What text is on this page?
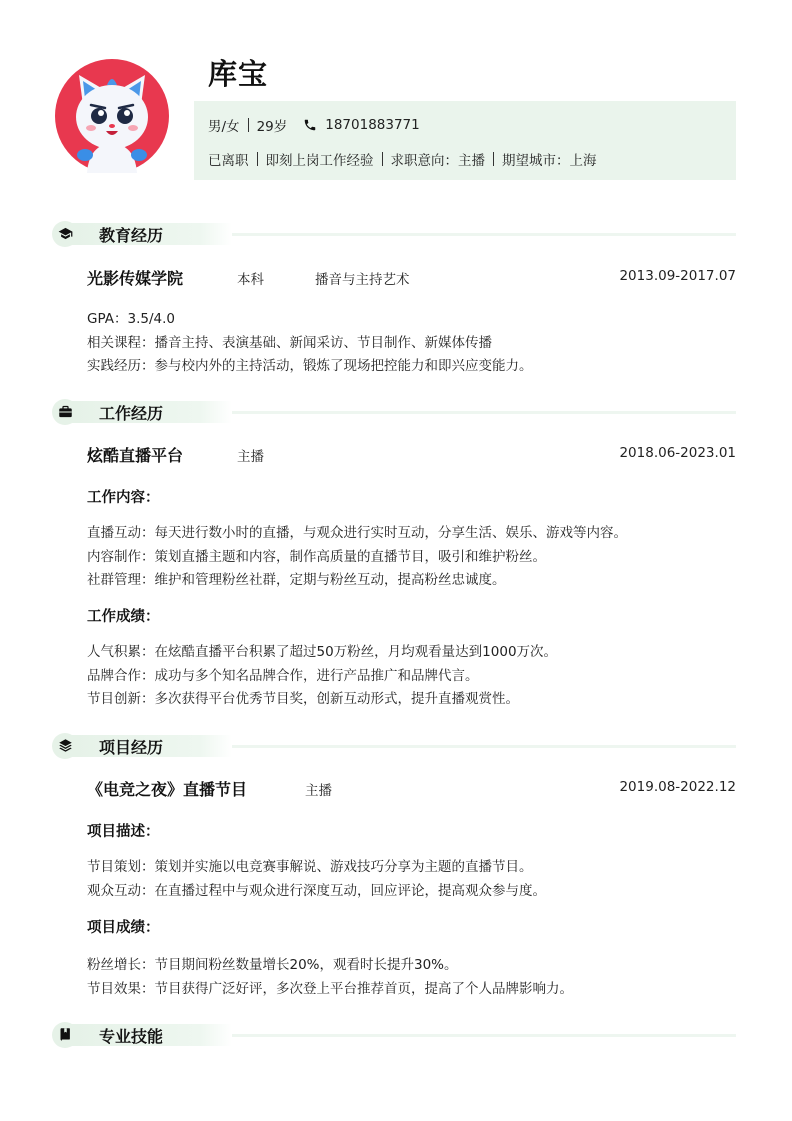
库宝
男/女 29岁	18701883771
已离职 即刻上岗工作经验 求职意向：主播 期望城市：上海
教育经历
光影传媒学院	本科	播音与主持艺术	2013.09-2017.07
GPA：3.5/4.0
相关课程：播音主持、表演基础、新闻采访、节目制作、新媒体传播
实践经历：参与校内外的主持活动，锻炼了现场把控能力和即兴应变能力。
工作经历
炫酷直播平台	主播	2018.06-2023.01
工作内容：
直播互动：每天进行数小时的直播，与观众进行实时互动，分享生活、娱乐、游戏等内容。
内容制作：策划直播主题和内容，制作高质量的直播节目，吸引和维护粉丝。
社群管理：维护和管理粉丝社群，定期与粉丝互动，提高粉丝忠诚度。
工作成绩：
人气积累：在炫酷直播平台积累了超过50万粉丝，月均观看量达到1000万次。
品牌合作：成功与多个知名品牌合作，进行产品推广和品牌代言。
节目创新：多次获得平台优秀节目奖，创新互动形式，提升直播观赏性。
项目经历
《电竞之夜》直播节目	主播	2019.08-2022.12
项目描述：
节目策划：策划并实施以电竞赛事解说、游戏技巧分享为主题的直播节目。
观众互动：在直播过程中与观众进行深度互动，回应评论，提高观众参与度。
项目成绩：
粉丝增长：节目期间粉丝数量增长20%，观看时长提升30%。
节目效果：节目获得广泛好评，多次登上平台推荐首页，提高了个人品牌影响力。
专业技能
